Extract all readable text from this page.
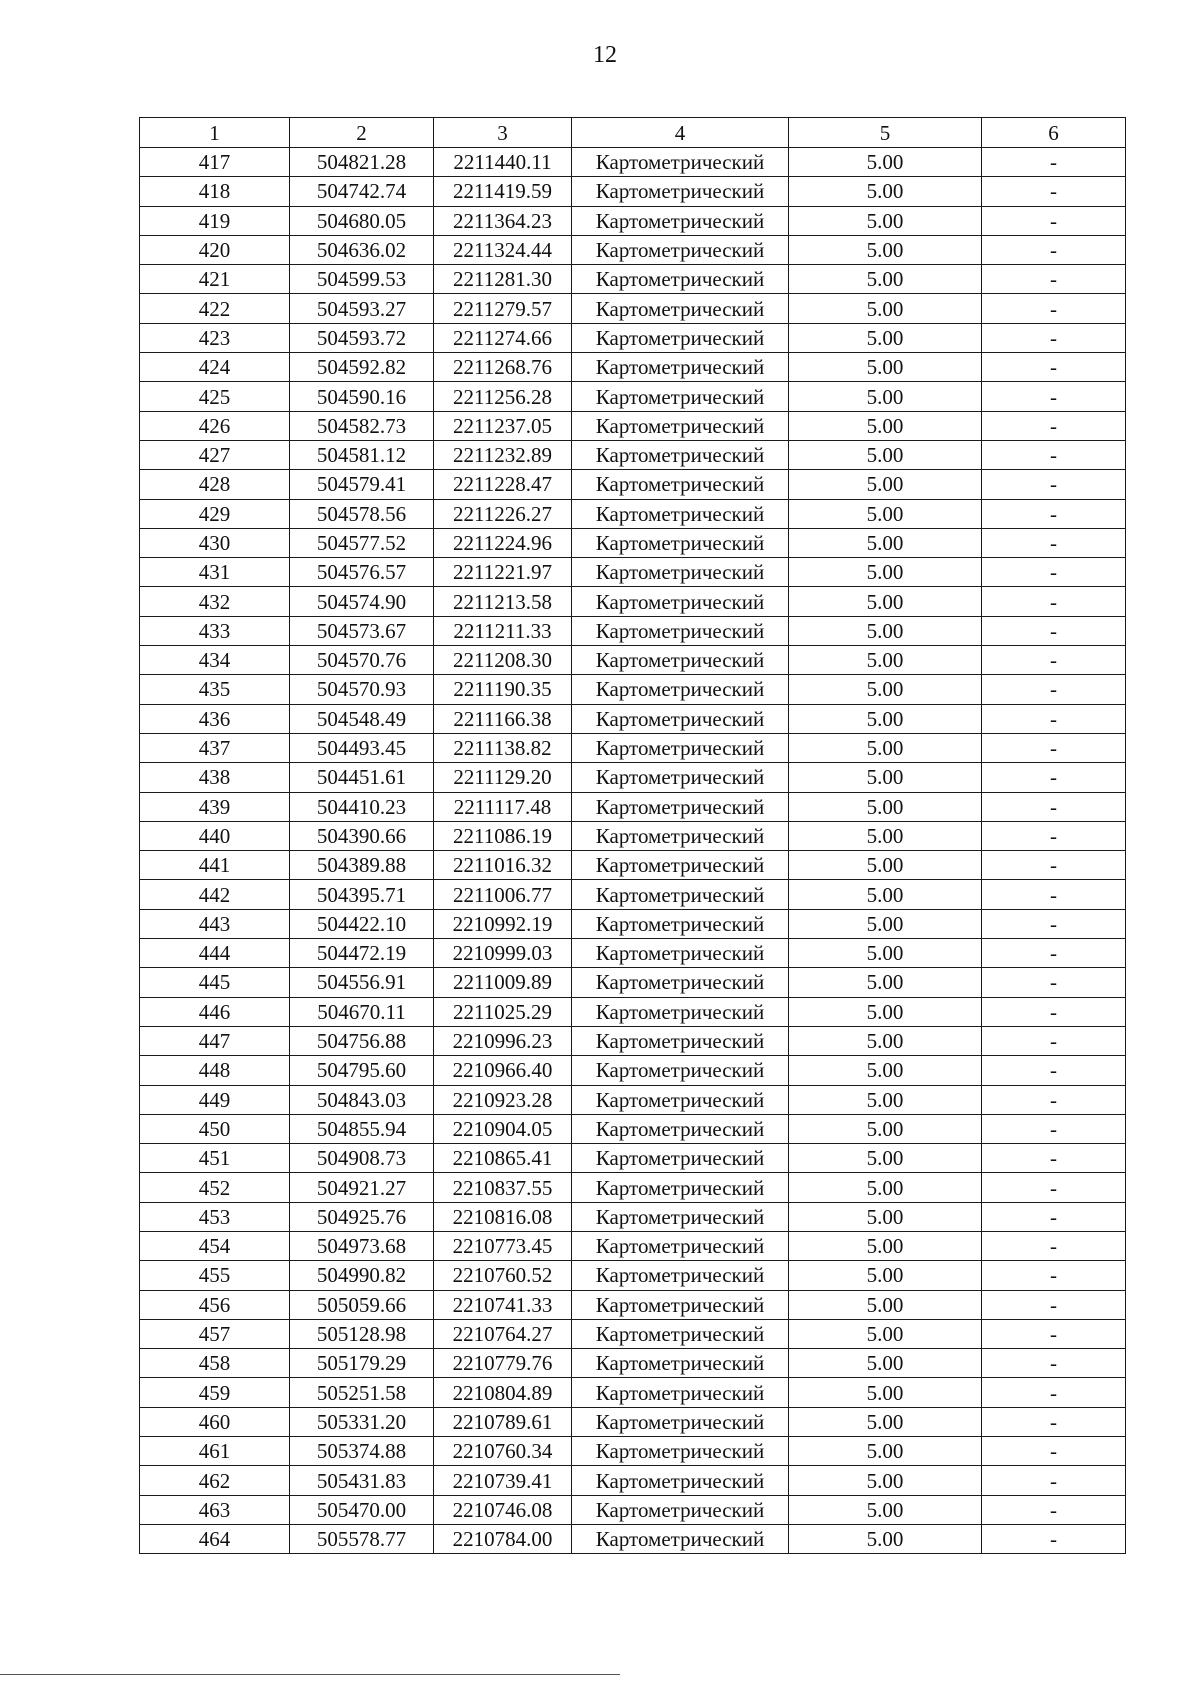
12
1	2	3	4	5	6
417	504821.28	2211440.11	Картометрический	5.00	-
418	504742.74	2211419.59	Картометрический	5.00	-
419	504680.05	2211364.23	Картометрический	5.00	-
420	504636.02	2211324.44	Картометрический	5.00	-
421	504599.53	2211281.30	Картометрический	5.00	-
422	504593.27	2211279.57	Картометрический	5.00	-
423	504593.72	2211274.66	Картометрический	5.00	-
424	504592.82	2211268.76	Картометрический	5.00	-
425	504590.16	2211256.28	Картометрический	5.00	-
426	504582.73	2211237.05	Картометрический	5.00	-
427	504581.12	2211232.89	Картометрический	5.00	-
428	504579.41	2211228.47	Картометрический	5.00	-
429	504578.56	2211226.27	Картометрический	5.00	-
430	504577.52	2211224.96	Картометрический	5.00	-
431	504576.57	2211221.97	Картометрический	5.00	-
432	504574.90	2211213.58	Картометрический	5.00	-
433	504573.67	2211211.33	Картометрический	5.00	-
434	504570.76	2211208.30	Картометрический	5.00	-
435	504570.93	2211190.35	Картометрический	5.00	-
436	504548.49	2211166.38	Картометрический	5.00	-
437	504493.45	2211138.82	Картометрический	5.00	-
438	504451.61	2211129.20	Картометрический	5.00	-
439	504410.23	2211117.48	Картометрический	5.00	-
440	504390.66	2211086.19	Картометрический	5.00	-
441	504389.88	2211016.32	Картометрический	5.00	-
442	504395.71	2211006.77	Картометрический	5.00	-
443	504422.10	2210992.19	Картометрический	5.00	-
444	504472.19	2210999.03	Картометрический	5.00	-
445	504556.91	2211009.89	Картометрический	5.00	-
446	504670.11	2211025.29	Картометрический	5.00	-
447	504756.88	2210996.23	Картометрический	5.00	-
448	504795.60	2210966.40	Картометрический	5.00	-
449	504843.03	2210923.28	Картометрический	5.00	-
450	504855.94	2210904.05	Картометрический	5.00	-
451	504908.73	2210865.41	Картометрический	5.00	-
452	504921.27	2210837.55	Картометрический	5.00	-
453	504925.76	2210816.08	Картометрический	5.00	-
454	504973.68	2210773.45	Картометрический	5.00	-
455	504990.82	2210760.52	Картометрический	5.00	-
456	505059.66	2210741.33	Картометрический	5.00	-
457	505128.98	2210764.27	Картометрический	5.00	-
458	505179.29	2210779.76	Картометрический	5.00	-
459	505251.58	2210804.89	Картометрический	5.00	-
460	505331.20	2210789.61	Картометрический	5.00	-
461	505374.88	2210760.34	Картометрический	5.00	-
462	505431.83	2210739.41	Картометрический	5.00	-
463	505470.00	2210746.08	Картометрический	5.00	-
464	505578.77	2210784.00	Картометрический	5.00	-
